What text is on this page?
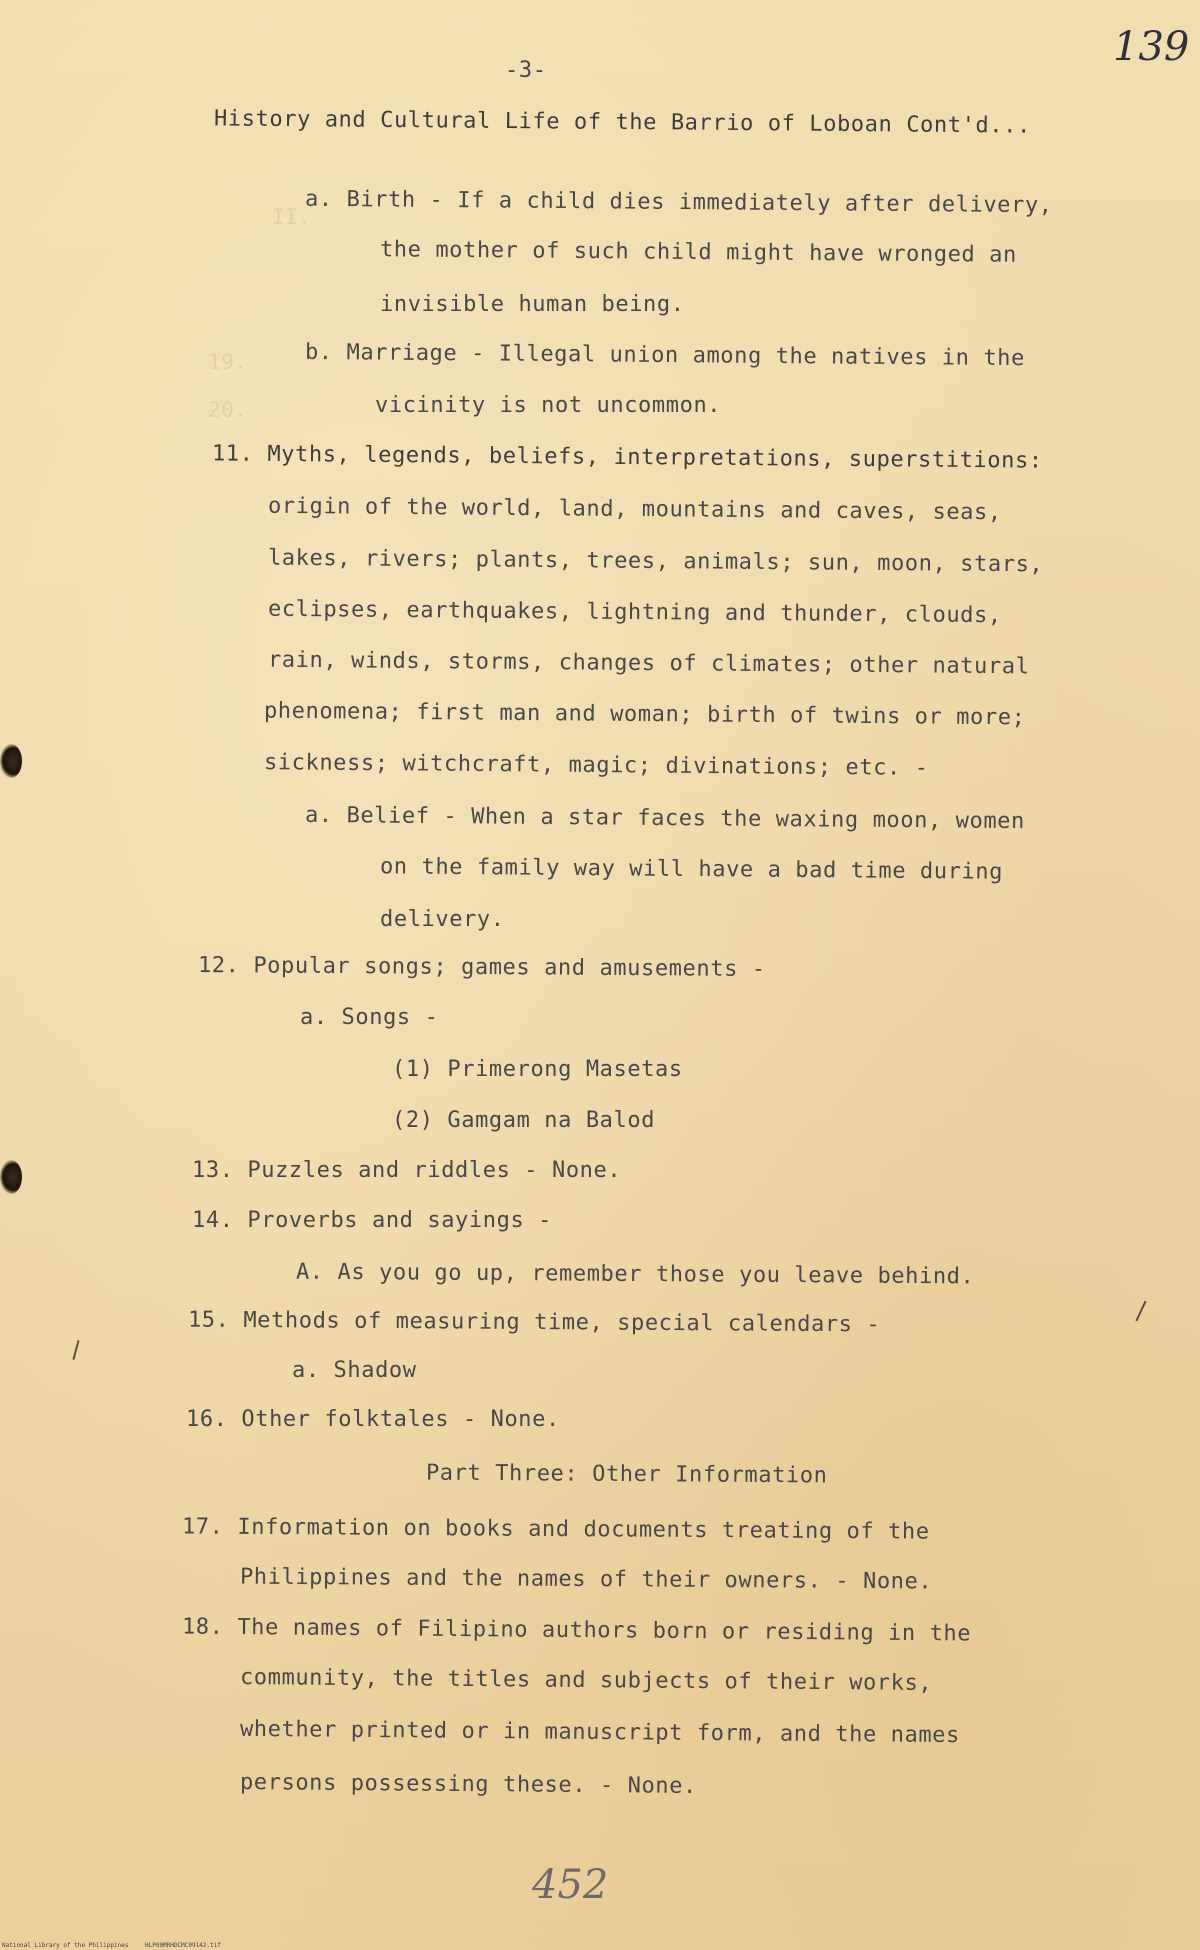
II.
19.
20.
-3-
139
History and Cultural Life of the Barrio of Loboan Cont'd...
a. Birth - If a child dies immediately after delivery,
the mother of such child might have wronged an
invisible human being.
b. Marriage - Illegal union among the natives in the
vicinity is not uncommon.
11. Myths, legends, beliefs, interpretations, superstitions:
origin of the world, land, mountains and caves, seas,
lakes, rivers; plants, trees, animals; sun, moon, stars,
eclipses, earthquakes, lightning and thunder, clouds,
rain, winds, storms, changes of climates; other natural
phenomena; first man and woman; birth of twins or more;
sickness; witchcraft, magic; divinations; etc. -
a. Belief - When a star faces the waxing moon, women
on the family way will have a bad time during
delivery.
12. Popular songs; games and amusements -
a. Songs -
(1) Primerong Masetas
(2) Gamgam na Balod
13. Puzzles and riddles - None.
14. Proverbs and sayings -
A. As you go up, remember those you leave behind.
15. Methods of measuring time, special calendars -
a. Shadow
16. Other folktales - None.
Part Three: Other Information
17. Information on books and documents treating of the
Philippines and the names of their owners. - None.
18. The names of Filipino authors born or residing in the
community, the titles and subjects of their works,
whether printed or in manuscript form, and the names
persons possessing these. - None.
452
National Library of the Philippines	HLP00MRHDCMC09142.tif
